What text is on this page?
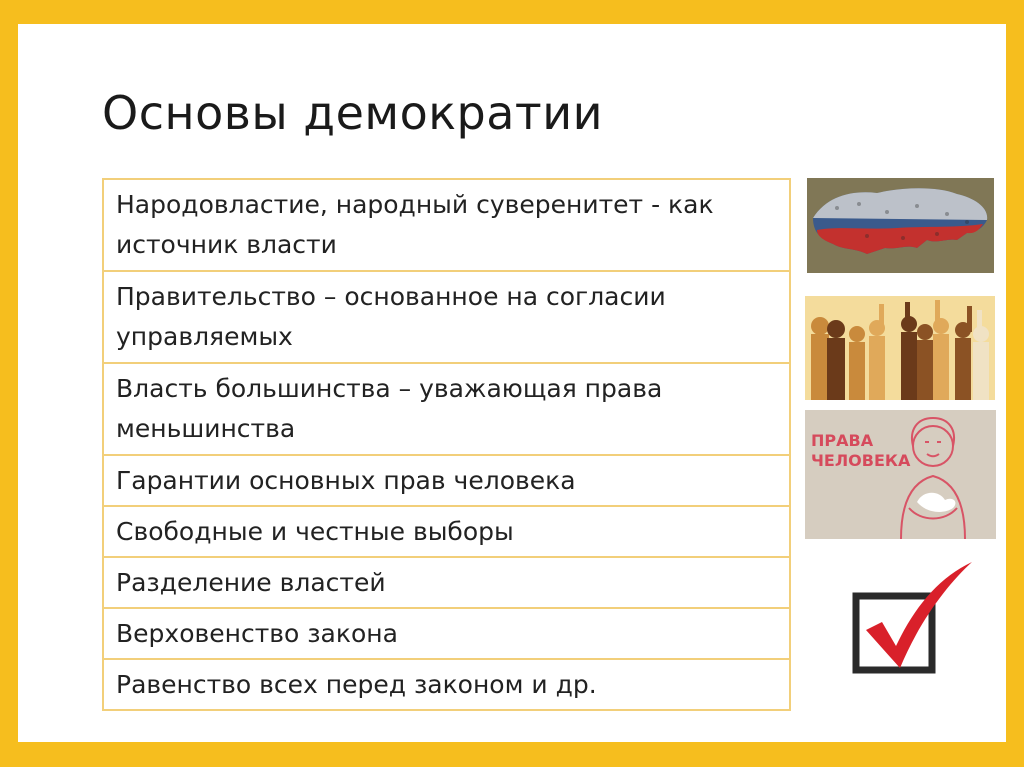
Основы демократии
Народовластие, народный суверенитет - как источник власти
Правительство – основанное на согласии управляемых
Власть большинства – уважающая права меньшинства
Гарантии основных прав человека
Свободные и честные выборы
Разделение властей
Верховенство закона
Равенство всех перед законом и др.
ПРАВА
ЧЕЛОВЕКА
